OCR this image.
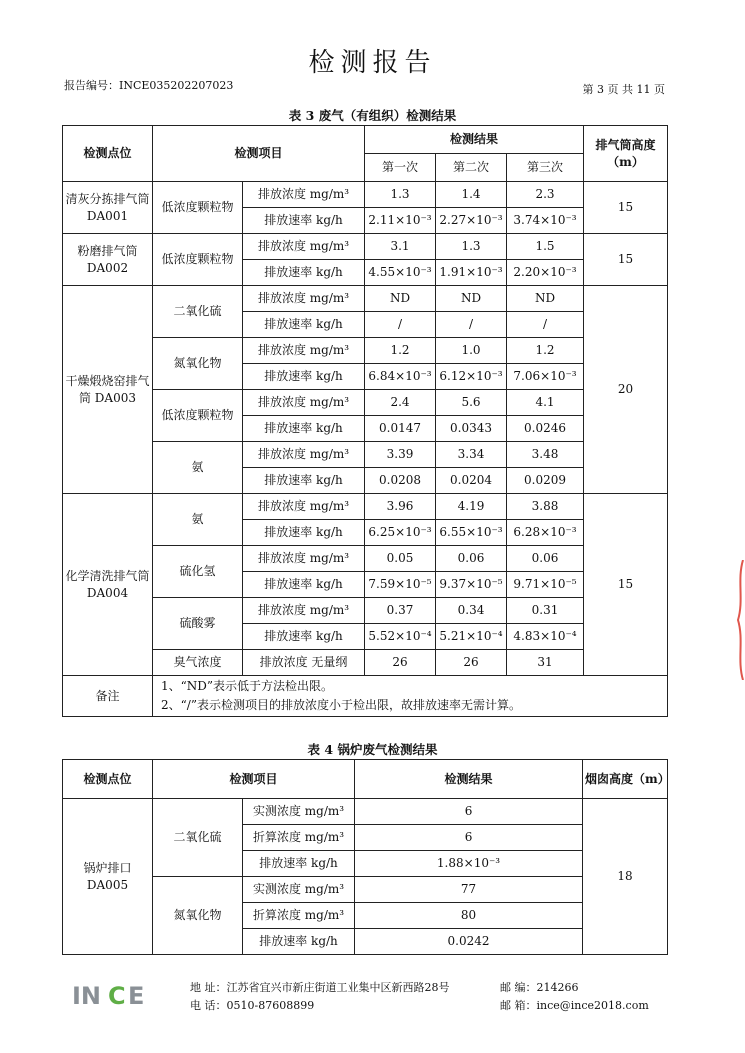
检测报告
报告编号：INCE035202207023	第 3 页 共 11 页
表 3 废气（有组织）检测结果
检测点位	检测项目		检测结果			排气筒高度（m）
			第一次	第二次	第三次	
清灰分拣排气筒 DA001	低浓度颗粒物	排放浓度 mg/m³	1.3	1.4	2.3	15
		排放速率 kg/h	2.11×10⁻³	2.27×10⁻³	3.74×10⁻³	
粉磨排气筒 DA002	低浓度颗粒物	排放浓度 mg/m³	3.1	1.3	1.5	15
		排放速率 kg/h	4.55×10⁻³	1.91×10⁻³	2.20×10⁻³	
干燥煅烧窑排气筒 DA003	二氧化硫	排放浓度 mg/m³	ND	ND	ND	20
		排放速率 kg/h	/	/	/	
	氮氧化物	排放浓度 mg/m³	1.2	1.0	1.2	
		排放速率 kg/h	6.84×10⁻³	6.12×10⁻³	7.06×10⁻³	
	低浓度颗粒物	排放浓度 mg/m³	2.4	5.6	4.1	
		排放速率 kg/h	0.0147	0.0343	0.0246	
	氨	排放浓度 mg/m³	3.39	3.34	3.48	
		排放速率 kg/h	0.0208	0.0204	0.0209	
化学清洗排气筒 DA004	氨	排放浓度 mg/m³	3.96	4.19	3.88	15
		排放速率 kg/h	6.25×10⁻³	6.55×10⁻³	6.28×10⁻³	
	硫化氢	排放浓度 mg/m³	0.05	0.06	0.06	
		排放速率 kg/h	7.59×10⁻⁵	9.37×10⁻⁵	9.71×10⁻⁵	
	硫酸雾	排放浓度 mg/m³	0.37	0.34	0.31	
		排放速率 kg/h	5.52×10⁻⁴	5.21×10⁻⁴	4.83×10⁻⁴	
	臭气浓度	排放浓度 无量纲	26	26	31	
备注	1、“ND”表示低于方法检出限。
2、“/”表示检测项目的排放浓度小于检出限，故排放速率无需计算。					
表 4 锅炉废气检测结果
检测点位	检测项目		检测结果	烟囱高度（m）
锅炉排口 DA005	二氧化硫	实测浓度 mg/m³	6	18
		折算浓度 mg/m³	6	
		排放速率 kg/h	1.88×10⁻³	
	氮氧化物	实测浓度 mg/m³	77	
		折算浓度 mg/m³	80	
		排放速率 kg/h	0.0242	
IN C E	地 址：江苏省宜兴市新庄街道工业集中区新西路28号	邮 编：214266
电 话：0510-87608899	邮 箱：ince@ince2018.com
